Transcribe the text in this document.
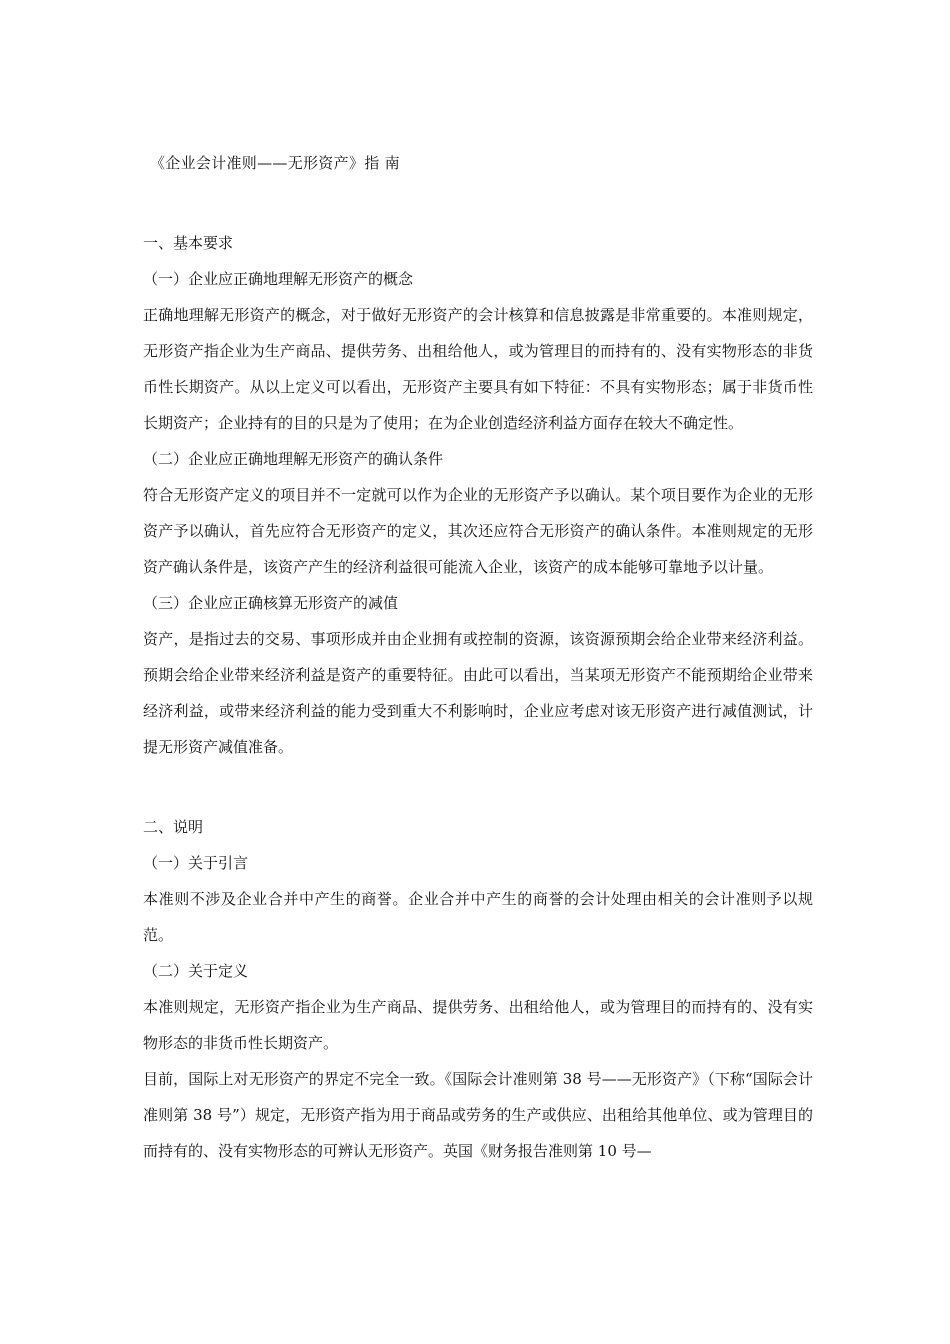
《企业会计准则——无形资产》指 南

一、基本要求

（一）企业应正确地理解无形资产的概念

正确地理解无形资产的概念，对于做好无形资产的会计核算和信息披露是非常重要的。本准则规定，无形资产指企业为生产商品、提供劳务、出租给他人，或为管理目的而持有的、没有实物形态的非货币性长期资产。从以上定义可以看出，无形资产主要具有如下特征：不具有实物形态；属于非货币性长期资产；企业持有的目的只是为了使用；在为企业创造经济利益方面存在较大不确定性。

（二）企业应正确地理解无形资产的确认条件

符合无形资产定义的项目并不一定就可以作为企业的无形资产予以确认。某个项目要作为企业的无形资产予以确认，首先应符合无形资产的定义，其次还应符合无形资产的确认条件。本准则规定的无形资产确认条件是，该资产产生的经济利益很可能流入企业，该资产的成本能够可靠地予以计量。

（三）企业应正确核算无形资产的减值

资产，是指过去的交易、事项形成并由企业拥有或控制的资源，该资源预期会给企业带来经济利益。预期会给企业带来经济利益是资产的重要特征。由此可以看出，当某项无形资产不能预期给企业带来经济利益，或带来经济利益的能力受到重大不利影响时，企业应考虑对该无形资产进行减值测试，计提无形资产减值准备。

二、说明

（一）关于引言

本准则不涉及企业合并中产生的商誉。企业合并中产生的商誉的会计处理由相关的会计准则予以规范。

（二）关于定义

本准则规定，无形资产指企业为生产商品、提供劳务、出租给他人，或为管理目的而持有的、没有实物形态的非货币性长期资产。

目前，国际上对无形资产的界定不完全一致。《国际会计准则第 38 号——无形资产》（下称“国际会计准则第 38 号”）规定，无形资产指为用于商品或劳务的生产或供应、出租给其他单位、或为管理目的而持有的、没有实物形态的可辨认无形资产。英国《财务报告准则第 10 号—
